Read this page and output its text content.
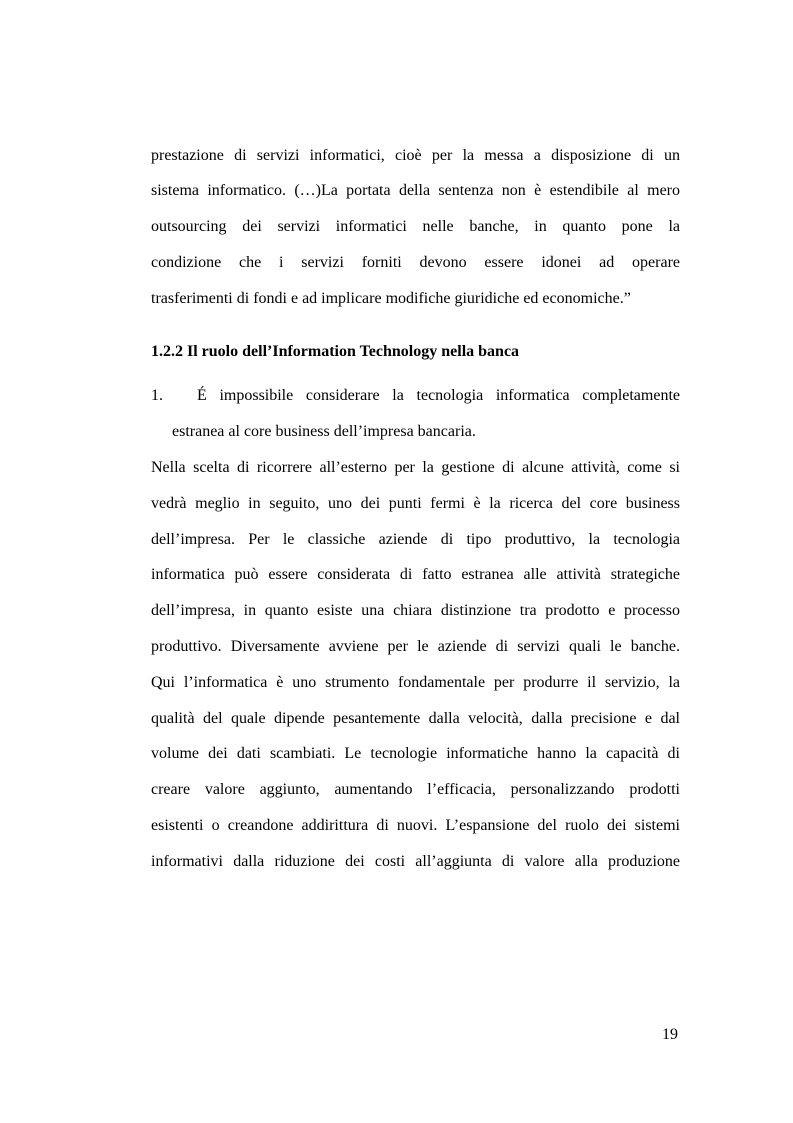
prestazione di servizi informatici, cioè per la messa a disposizione di un
sistema informatico. (…)La portata della sentenza non è estendibile al mero
outsourcing dei servizi informatici nelle banche, in quanto pone la
condizione che i servizi forniti devono essere idonei ad operare
trasferimenti di fondi e ad implicare modifiche giuridiche ed economiche.”
1.2.2 Il ruolo dell’Information Technology nella banca
1. É impossibile considerare la tecnologia informatica completamente
estranea al core business dell’impresa bancaria.
Nella scelta di ricorrere all’esterno per la gestione di alcune attività, come si
vedrà meglio in seguito, uno dei punti fermi è la ricerca del core business
dell’impresa. Per le classiche aziende di tipo produttivo, la tecnologia
informatica può essere considerata di fatto estranea alle attività strategiche
dell’impresa, in quanto esiste una chiara distinzione tra prodotto e processo
produttivo. Diversamente avviene per le aziende di servizi quali le banche.
Qui l’informatica è uno strumento fondamentale per produrre il servizio, la
qualità del quale dipende pesantemente dalla velocità, dalla precisione e dal
volume dei dati scambiati. Le tecnologie informatiche hanno la capacità di
creare valore aggiunto, aumentando l’efficacia, personalizzando prodotti
esistenti o creandone addirittura di nuovi. L’espansione del ruolo dei sistemi
informativi dalla riduzione dei costi all’aggiunta di valore alla produzione
19
